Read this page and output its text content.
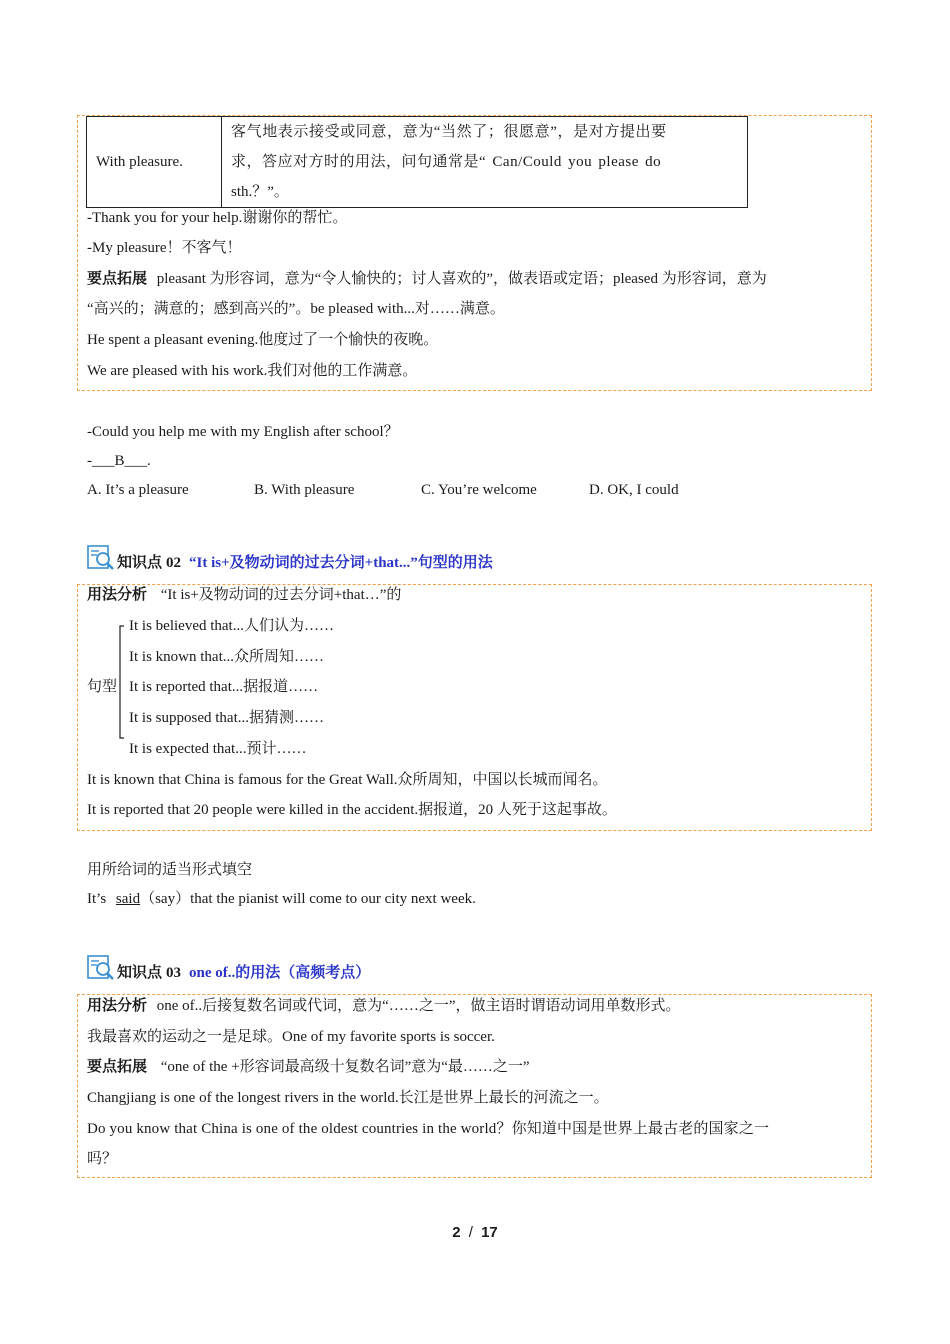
With pleasure.

客气地表示接受或同意，意为“当然了；很愿意”，是对方提出要
求，答应对方时的用法，问句通常是“ Can/Could you please do
sth.？”。
-Thank you for your help.谢谢你的帮忙。
-My pleasure！不客气！
要点拓展 pleasant 为形容词，意为“令人愉快的；讨人喜欢的”，做表语或定语；pleased 为形容词，意为
“高兴的；满意的；感到高兴的”。be pleased with...对……满意。
He spent a pleasant evening.他度过了一个愉快的夜晚。
We are pleased with his work.我们对他的工作满意。
-Could you help me with my English after school？
-___B___.
A. It’s a pleasure	B. With pleasure	C. You’re welcome	D. OK, I could
知识点 02 “It is+及物动词的过去分词+that...”句型的用法
用法分析 “It is+及物动词的过去分词+that…”的
句型
It is believed that...人们认为……
It is known that...众所周知……
It is reported that...据报道……
It is supposed that...据猜测……
It is expected that...预计……
It is known that China is famous for the Great Wall.众所周知，中国以长城而闻名。
It is reported that 20 people were killed in the accident.据报道，20 人死于这起事故。
用所给词的适当形式填空
It’s said（say）that the pianist will come to our city next week.
知识点 03 one of..的用法（高频考点）
用法分析 one of..后接复数名词或代词，意为“……之一”，做主语时谓语动词用单数形式。
我最喜欢的运动之一是足球。One of my favorite sports is soccer.
要点拓展 “one of the +形容词最高级十复数名词”意为“最……之一”
Changjiang is one of the longest rivers in the world.长江是世界上最长的河流之一。
Do you know that China is one of the oldest countries in the world？你知道中国是世界上最古老的国家之一
吗？
2 / 17
